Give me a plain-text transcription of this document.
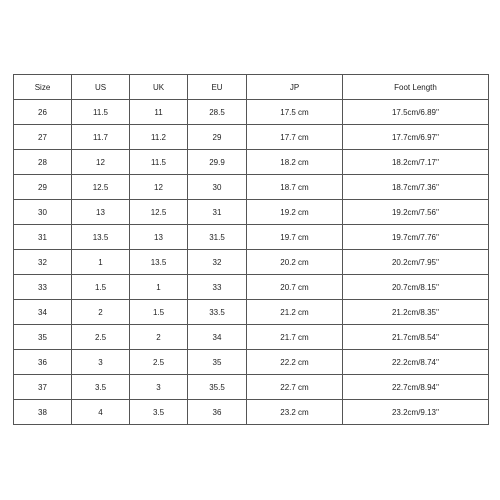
Size	US	UK	EU	JP	Foot Length
26	11.5	11	28.5	17.5 cm	17.5cm/6.89''
27	11.7	11.2	29	17.7 cm	17.7cm/6.97''
28	12	11.5	29.9	18.2 cm	18.2cm/7.17''
29	12.5	12	30	18.7 cm	18.7cm/7.36''
30	13	12.5	31	19.2 cm	19.2cm/7.56''
31	13.5	13	31.5	19.7 cm	19.7cm/7.76''
32	1	13.5	32	20.2 cm	20.2cm/7.95''
33	1.5	1	33	20.7 cm	20.7cm/8.15''
34	2	1.5	33.5	21.2 cm	21.2cm/8.35''
35	2.5	2	34	21.7 cm	21.7cm/8.54''
36	3	2.5	35	22.2 cm	22.2cm/8.74''
37	3.5	3	35.5	22.7 cm	22.7cm/8.94''
38	4	3.5	36	23.2 cm	23.2cm/9.13''
